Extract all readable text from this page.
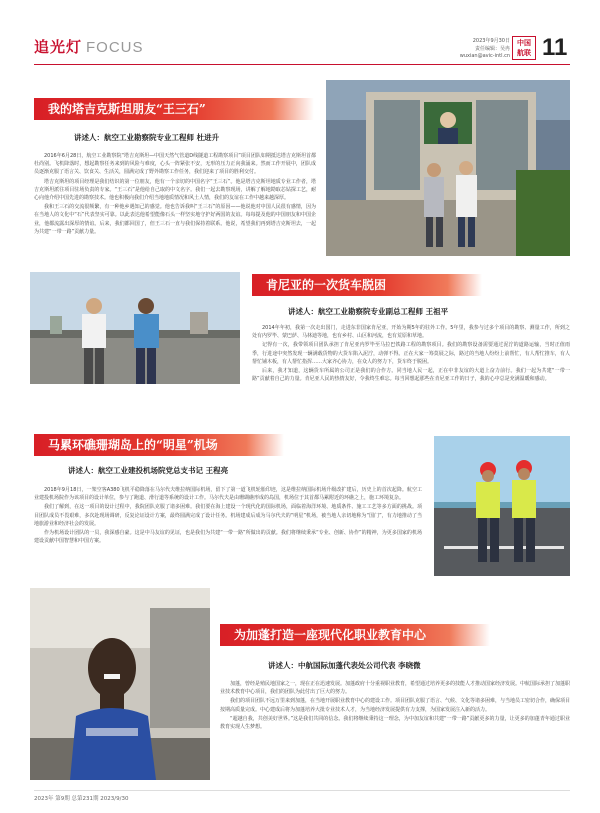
追光灯 FOCUS	2023年9月30日
责任编辑：吴冉
wuxian@avic-intl.cn
中国
航联 11
我的塔吉克斯坦朋友“王三石”
讲述人：航空工业勘察院专业工程师 杜进升

2016年6月28日，航空工业勘察院“塔吉克斯坦—中国天然气管道D线隧道工程勘察项目”项目团队如期抵达塔吉克斯坦首都杜尚别。飞机降落时，想起勘察任务来到的风险与难度，心头一阵紧张不安，无形的压力正向我涌来。然而工作开展中，团队成员逐渐克服了语言关、饮食关、生活关，圆满完成了野外勘察工作任务，我们迎来了项目的胜利交付。

塔吉克斯坦的项目经理是我们结识的第一位朋友，他有一个亲切的中国名字“王三石”。他是塔吉克斯坦地质专业工作者，塔吉克斯坦派往项目驻场负责的专家。“王三石”是他给自己取的中文名字。我们一起去勘察现场，讲解了解地勘取芯钻探工艺，耐心向他介绍中国先进的勘察技术。他也积极向我们介绍当地地质情况和风土人情，我们的友谊在工作中越来越深厚。

我和王三石的交流很频繁，有一种他乡遇知己的感觉。他也告诉我叫“王三石”的原因——他说他对中国人民很有感情，因为在当地人的文化中“石”代表坚实可靠。以此表达他希望能像石头一样坚实地守护好两国的友谊。每每提及他的中国朋友和中国企业，他都流露出深厚的情谊。后来，我们都回国了，但王三石一直与我们保持着联系。他说，希望我们再到塔吉克斯坦去，一起为共建“一带一路”贡献力量。

肯尼亚的一次货车脱困
讲述人：航空工业勘察院专业副总工程师 王祖平

2014年年初，我第一次走出国门，走进东非国家肯尼亚，开始为期5年的驻外工作。5年里，我参与过多个项目的勘察、测量工作，所到之处有内罗毕、蒙巴萨、马林迪等地，也有乡村、山区和河流，也有荒原和草地。

记得有一次，我带领项目团队承担了肯尼亚内罗毕至马拉巴铁路工程的勘察项目。我们的勘察设备需要通过泥泞的道路运输，当时正值雨季，行进途中突然发现一辆满载货物的大货车陷入泥泞，动弹不得。正在大家一筹莫展之际，路过的当地人纷纷上前帮忙，有人帮忙推车，有人帮忙铺木板，有人帮忙指挥……大家齐心协力，在众人的努力下，货车终于脱困。

后来，我才知道，这辆货车所属的公司正是我们的合作方。同当地人民一起，正在中非友谊的大道上奋力前行。我们一起为共建“一带一路”贡献着自己的力量。肯尼亚人民的热情友好，令我终生难忘。每当回想起那些在肯尼亚工作的日子，我的心中总是充满温暖和感动。

马累环礁珊瑚岛上的“明星”机场
讲述人：航空工业建投机场院党总支书记 王程亮

2018年9月18日，一架空客A380飞机平稳降落在马尔代夫维拉纳国际机场，留下了第一道飞机轮胎印迹，这是维拉纳国际机场升级改扩建后，历史上的首次起降。航空工业建投机场院作为该项目的设计单位，参与了跑道、滑行道等系统的设计工作。马尔代夫是由珊瑚礁形成的岛国，机场位于其首都马累附近的环礁之上，施工环境复杂。

我们了解到，在这一项目的设计过程中，我院团队克服了诸多困难。我们要在海上建设一个现代化的国际机场，面临着海洋环境、地质条件、施工工艺等多方面的挑战。项目团队成员不畏艰难，多次赴现场调研，反复论证设计方案，最终圆满完成了设计任务。机场建成后成为马尔代夫的“明星”机场，被当地人亲切地称为“国门”，有力地推动了当地旅游业和经济社会的发展。

作为机场设计团队的一员，我深感自豪。这是中马友谊的见证，也是我们为共建“一带一路”所做出的贡献。我们将继续秉承“专业、创新、协作”的精神，为更多国家的机场建设贡献中国智慧和中国方案。

为加蓬打造一座现代化职业教育中心
讲述人：中航国际加蓬代表处公司代表 李晓微

加蓬，曾经是殖民地国家之一，现在正在迅速发展。加蓬政府十分重视职业教育，希望通过培养更多的技能人才推动国家经济发展。中航国际承担了加蓬职业技术教育中心项目，我们的团队为此付出了巨大的努力。

我们的项目团队不远万里来到加蓬，在当地开展职业教育中心的建设工作。项目团队克服了语言、气候、文化等诸多困难，与当地员工密切合作，确保项目按期高质量完成。中心建成后将为加蓬培养大批专业技术人才，为当地经济发展提供有力支撑，为国家发展注入新的活力。

“超越自我，共创美好世界。”这是我们共同的信念。我们将继续秉持这一理念，为中加友谊和共建“一带一路”贡献更多的力量，让更多的加蓬青年通过职业教育实现人生梦想。

2023年 第9期 总第231期 2023/9/30
